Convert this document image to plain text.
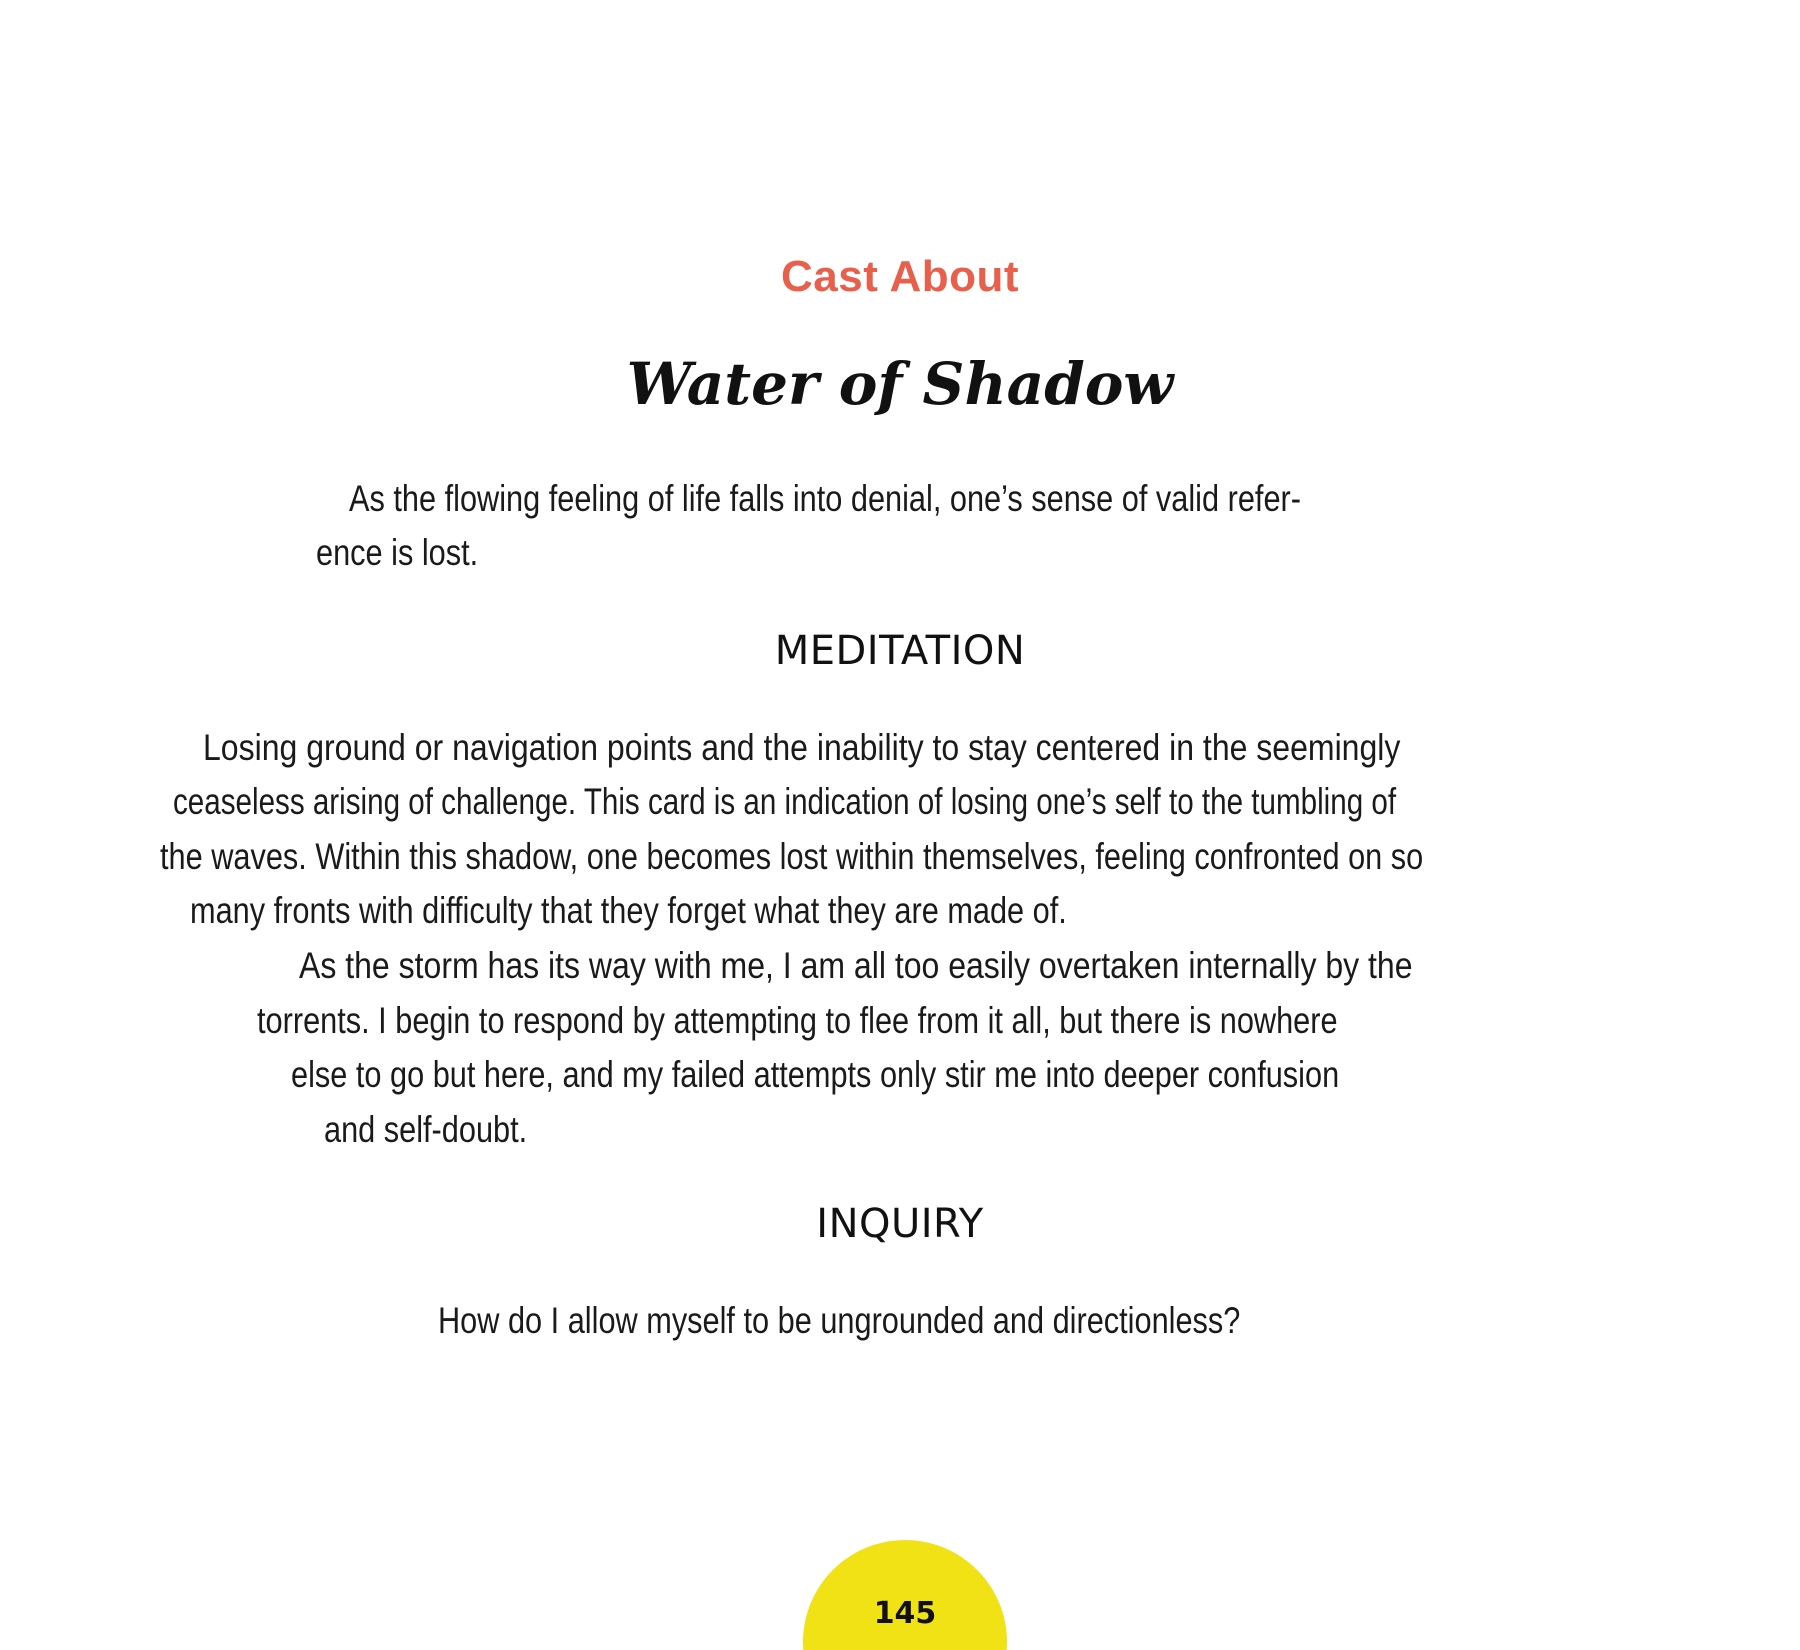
Cast About
Water of Shadow
As the flowing feeling of life falls into denial, one’s sense of valid refer-
ence is lost.
MEDITATION
Losing ground or navigation points and the inability to stay centered in the seemingly
ceaseless arising of challenge. This card is an indication of losing one’s self to the tumbling of
the waves. Within this shadow, one becomes lost within themselves, feeling confronted on so
many fronts with difficulty that they forget what they are made of.
As the storm has its way with me, I am all too easily overtaken internally by the
torrents. I begin to respond by attempting to flee from it all, but there is nowhere
else to go but here, and my failed attempts only stir me into deeper confusion
and self-doubt.
INQUIRY
How do I allow myself to be ungrounded and directionless?
145
